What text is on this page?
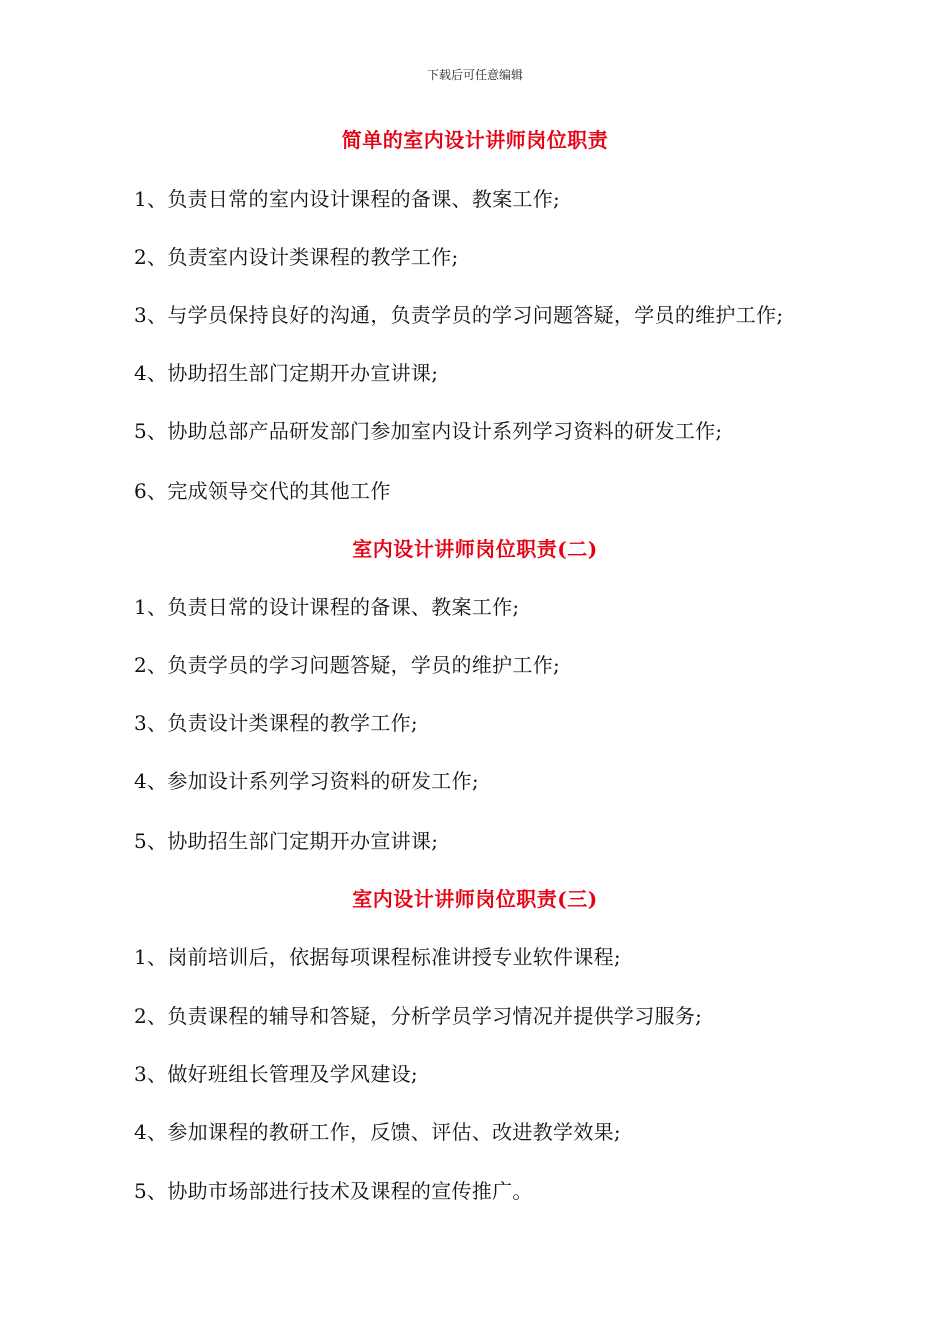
下载后可任意编辑
简单的室内设计讲师岗位职责
1、负责日常的室内设计课程的备课、教案工作;
2、负责室内设计类课程的教学工作;
3、与学员保持良好的沟通，负责学员的学习问题答疑，学员的维护工作;
4、协助招生部门定期开办宣讲课;
5、协助总部产品研发部门参加室内设计系列学习资料的研发工作;
6、完成领导交代的其他工作
室内设计讲师岗位职责(二)
1、负责日常的设计课程的备课、教案工作;
2、负责学员的学习问题答疑，学员的维护工作;
3、负责设计类课程的教学工作;
4、参加设计系列学习资料的研发工作;
5、协助招生部门定期开办宣讲课;
室内设计讲师岗位职责(三)
1、岗前培训后，依据每项课程标准讲授专业软件课程;
2、负责课程的辅导和答疑，分析学员学习情况并提供学习服务;
3、做好班组长管理及学风建设;
4、参加课程的教研工作，反馈、评估、改进教学效果;
5、协助市场部进行技术及课程的宣传推广。
